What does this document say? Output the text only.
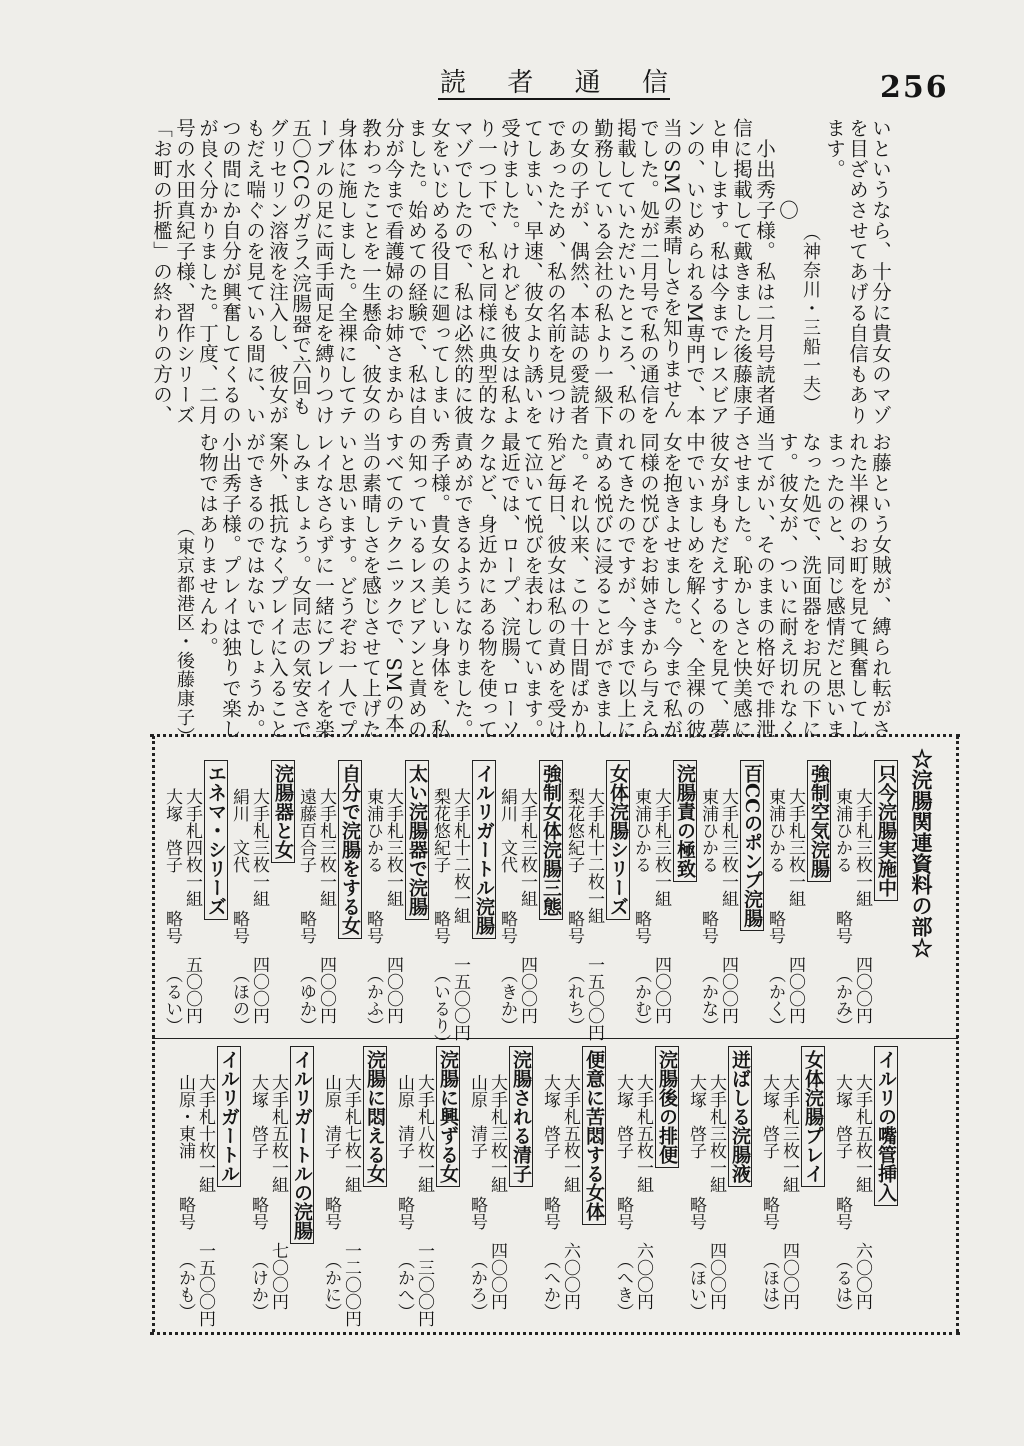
読 者 通 信	256
いというなら、十分に貴女のマゾ
を目ざめさせてあげる自信もあり
ます。
　　　　　　（神奈川・三船一夫）
　　　　〇
　小出秀子様。私は二月号読者通
信に掲載して戴きました後藤康子
と申します。私は今までレスビア
ンの、いじめられるM専門で、本
当のSMの素晴しさを知りません
でした。処が二月号で私の通信を
掲載していただいたところ、私の
勤務している会社の私より一級下
の女の子が、偶然、本誌の愛読者
であったため、私の名前を見つけ
てしまい、早速、彼女より誘いを
受けました。けれども彼女は私よ
り一つ下で、私と同様に典型的な
マゾでしたので、私は必然的に彼
女をいじめる役目に廻ってしまい
ました。始めての経験で、私は自
分が今まで看護婦のお姉さまから
教わったことを一生懸命、彼女の
身体に施しました。全裸にしてテ
ーブルの足に両手両足を縛りつけ
五〇CCのガラス浣腸器で六回も
グリセリン溶液を注入し、彼女が
もだえ喘ぐのを見ている間に、い
つの間にか自分が興奮してくるの
が良く分かりました。丁度、二月
号の水田真紀子様、習作シリーズ
「お町の折檻」の終わりの方の、
お藤という女賊が、縛られ転がさ
れた半裸のお町を見て興奮してし
まったのと、同じ感情だと思いま
なった処で、洗面器をお尻の下に
す。彼女が、ついに耐え切れなく
当てがい、そのままの格好で排泄
させました。恥かしさと快美感に
彼女が身もだえするのを見て、夢
中でいましめを解くと、全裸の彼
女を抱きよせました。今まで私が
同様の悦びをお姉さまから与えら
れてきたのですが、今まで以上に
責める悦びに浸ることができまし
た。それ以来、この十日間ばかり
殆ど毎日、彼女は私の責めを受け
て泣いて悦びを表わしています。
最近では、ロープ、浣腸、ローソ
クなど、身近かにある物を使って
責めができるようになりました。
秀子様。貴女の美しい身体を、私
の知っているレスビアンと責めの
すべてのテクニックで、SMの本
当の素晴しさを感じさせて上げた
いと思います。どうぞお一人でプ
レイなさらずに一緒にプレイを楽
しみましょう。女同志の気安さで
案外、抵抗なくプレイに入ること
ができるのではないでしょうか。
小出秀子様。プレイは独りで楽し
む物ではありませんわ。
　　　　　（東京都港区・後藤康子）
☆浣腸関連資料の部☆
只今浣腸実施中
大手札三枚一組
東浦ひかる
略号
四〇〇円
（かみ）
強制空気浣腸
大手札三枚一組
東浦ひかる
略号
四〇〇円
（かく）
百CCのポンプ浣腸
大手札三枚一組
東浦ひかる
略号
四〇〇円
（かな）
浣腸責の極致
大手札三枚一組
東浦ひかる
略号
四〇〇円
（かむ）
女体浣腸シリーズ
大手札十二枚一組
梨花悠紀子
略号
一五〇〇円
（れち）
強制女体浣腸三態
大手札三枚一組
絹川　文代
略号
四〇〇円
（きか）
イルリガートル浣腸
大手札十二枚一組
梨花悠紀子
略号
一五〇〇円
（いるり）
太い浣腸器で浣腸
大手札三枚一組
東浦ひかる
略号
四〇〇円
（かふ）
自分で浣腸をする女
大手札三枚一組
遠藤百合子
略号
四〇〇円
（ゆか）
浣腸器と女
大手札三枚一組
絹川　文代
略号
四〇〇円
（ほの）
エネマ・シリーズ
大手札四枚一組
大塚　啓子
略号
五〇〇円
（るい）
イルリの嘴管挿入
大手札五枚一組
大塚　啓子
略号
六〇〇円
（るは）
女体浣腸プレイ
大手札三枚一組
大塚　啓子
略号
四〇〇円
（ほは）
迸ばしる浣腸液
大手札三枚一組
大塚　啓子
略号
四〇〇円
（ほい）
浣腸後の排便
大手札五枚一組
大塚　啓子
略号
六〇〇円
（へき）
便意に苦悶する女体
大手札五枚一組
大塚　啓子
略号
六〇〇円
（へか）
浣腸される清子
大手札三枚一組
山原　清子
略号
四〇〇円
（かろ）
浣腸に興ずる女
大手札八枚一組
山原　清子
略号
一三〇〇円
（かへ）
浣腸に悶える女
大手札七枚一組
山原　清子
略号
一二〇〇円
（かに）
イルリガートルの浣腸
大手札五枚一組
大塚　啓子
略号
七〇〇円
（けか）
イルリガートル
大手札十枚一組
山原・東浦
略号
一五〇〇円
（かも）
